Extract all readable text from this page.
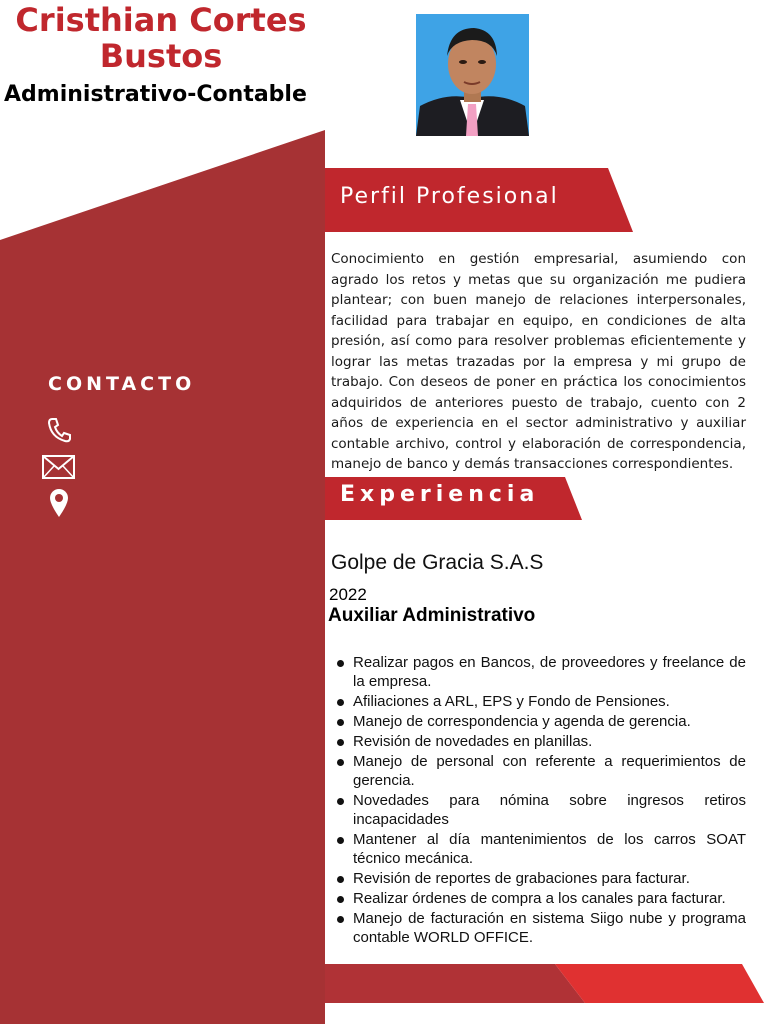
Cristhian Cortes Bustos
Administrativo-Contable
Perfil Profesional

Conocimiento en gestión empresarial, asumiendo con agrado los retos y metas que su organización me pudiera plantear; con buen manejo de relaciones interpersonales, facilidad para trabajar en equipo, en condiciones de alta presión, así como para resolver problemas eficientemente y lograr las metas trazadas por la empresa y mi grupo de trabajo. Con deseos de poner en práctica los conocimientos adquiridos de anteriores puesto de trabajo, cuento con 2 años de experiencia en el sector administrativo y auxiliar contable archivo, control y elaboración de correspondencia, manejo de banco y demás transacciones correspondientes.

CONTACTO
Experiencia
Golpe de Gracia S.A.S
2022
Auxiliar Administrativo
Realizar pagos en Bancos, de proveedores y freelance de la empresa.
Afiliaciones a ARL, EPS y Fondo de Pensiones.
Manejo de correspondencia y agenda de gerencia.
Revisión de novedades en planillas.
Manejo de personal con referente a requerimientos de gerencia.
Novedades para nómina sobre ingresos retiros incapacidades
Mantener al día mantenimientos de los carros SOAT técnico mecánica.
Revisión de reportes de grabaciones para facturar.
Realizar órdenes de compra a los canales para facturar.
Manejo de facturación en sistema Siigo nube y programa contable WORLD OFFICE.
